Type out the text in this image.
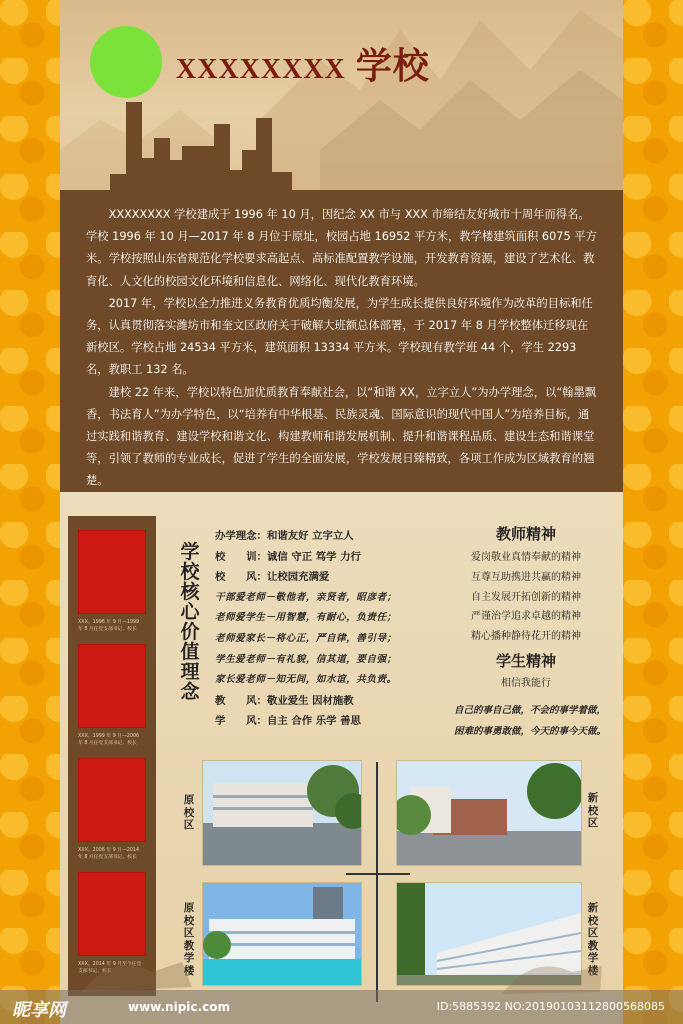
XXXXXXXX 学校

XXXXXXXX 学校建成于 1996 年 10 月，因纪念 XX 市与 XXX 市缔结友好城市十周年而得名。学校 1996 年 10 月—2017 年 8 月位于原址，校园占地 16952 平方米，教学楼建筑面积 6075 平方米。学校按照山东省规范化学校要求高起点、高标准配置教学设施，开发教育资源，建设了艺术化、教育化、人文化的校园文化环境和信息化、网络化、现代化教育环境。

2017 年，学校以全力推进义务教育优质均衡发展，为学生成长提供良好环境作为改革的目标和任务，认真贯彻落实潍坊市和奎文区政府关于破解大班额总体部署，于 2017 年 8 月学校整体迁移现在新校区。学校占地 24534 平方米，建筑面积 13334 平方米。学校现有教学班 44 个，学生 2293 名，教职工 132 名。

建校 22 年来，学校以特色加优质教育奉献社会，以“和谐 XX，立字立人”为办学理念，以“翰墨飘香，书法育人”为办学特色，以“培养有中华根基、民族灵魂、国际意识的现代中国人”为培养目标，通过实践和谐教育、建设学校和谐文化、构建教师和谐发展机制、提升和谐课程品质、建设生态和谐课堂等，引领了教师的专业成长，促进了学生的全面发展，学校发展日臻精致，各项工作成为区域教育的翘楚。

XXX。1996 年 9 月—1999 年 8 月任党支部书记、校长
XXX。1999 年 9 月—2006 年 8 月任党支部书记、校长
XXX。2006 年 9 月—2014 年 8 月任党支部书记、校长
XXX。2014 年 9 月至今任党支部书记、校长
学校核心价值理念
办学理念：和谐友好 立字立人
校　　训：诚信 守正 笃学 力行
校　　风：让校园充满爱
干部爱老师－敬他者，亲贤者，昭彦者；
老师爱学生－用智慧，有耐心，负责任；
老师爱家长－将心正，严自律，善引导；
学生爱老师－有礼貌，信其道，要自强；
家长爱老师－知无间，如水谊，共负责。
教　　风：敬业爱生 因材施教
学　　风：自主 合作 乐学 善思
教师精神
爱岗敬业真情奉献的精神
互尊互助携进共赢的精神
自主发展开拓创新的精神
严谨治学追求卓越的精神
精心播种静待花开的精神
学生精神
相信我能行
自己的事自己做，不会的事学着做，困难的事勇敢做，今天的事今天做。
原校区
新校区
原校区教学楼
新校区教学楼
昵享网	www.nipic.com	ID:5885392 NO:20190103112800568085
